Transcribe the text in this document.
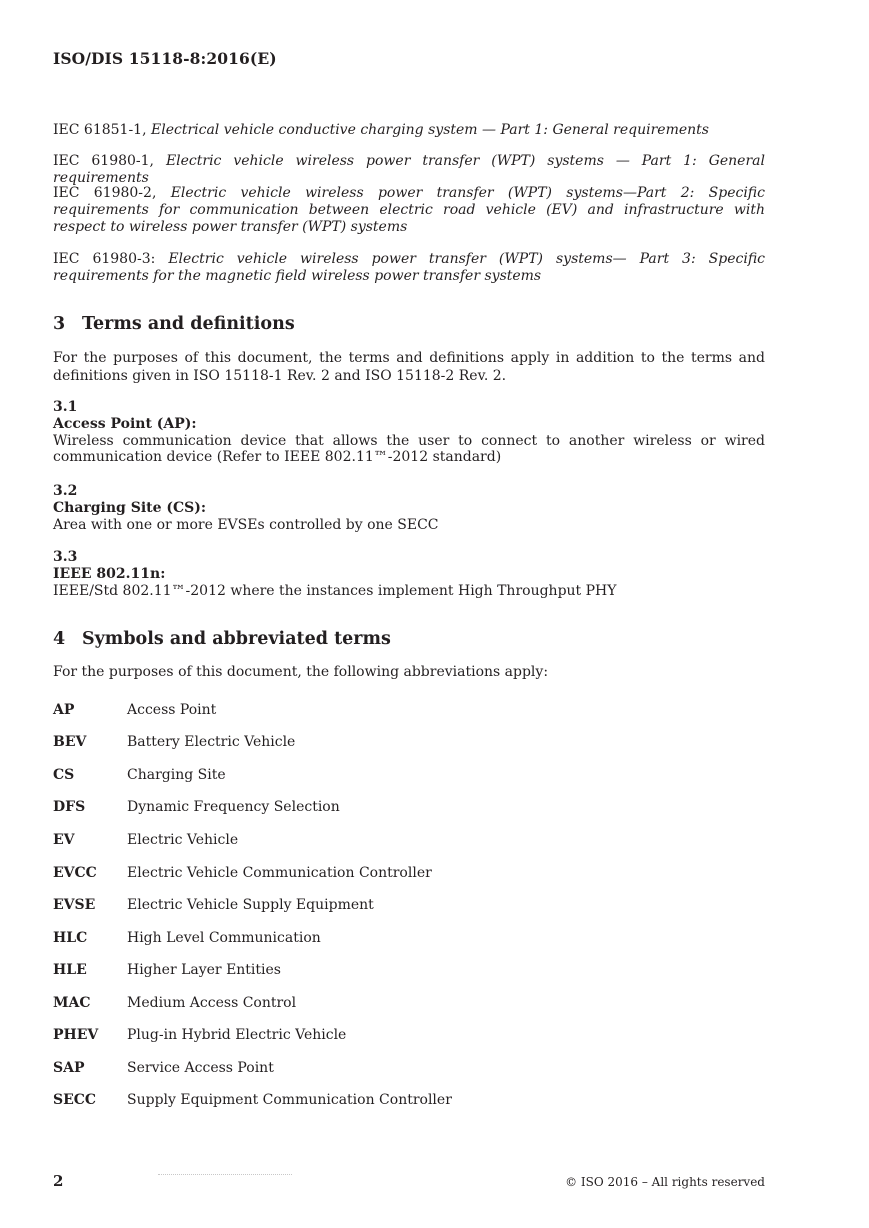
ISO/DIS 15118-8:2016(E)
IEC 61851-1, Electrical vehicle conductive charging system — Part 1: General requirements
IEC 61980-1, Electric vehicle wireless power transfer (WPT) systems — Part 1: General requirements
IEC 61980-2, Electric vehicle wireless power transfer (WPT) systems—Part 2: Specific requirements for communication between electric road vehicle (EV) and infrastructure with respect to wireless power transfer (WPT) systems
IEC 61980-3: Electric vehicle wireless power transfer (WPT) systems— Part 3: Specific requirements for the magnetic field wireless power transfer systems
3 Terms and definitions
For the purposes of this document, the terms and definitions apply in addition to the terms and definitions given in ISO 15118-1 Rev. 2 and ISO 15118-2 Rev. 2.
3.1
Access Point (AP):
Wireless communication device that allows the user to connect to another wireless or wired communication device (Refer to IEEE 802.11™-2012 standard)
3.2
Charging Site (CS):
Area with one or more EVSEs controlled by one SECC
3.3
IEEE 802.11n:
IEEE/Std 802.11™-2012 where the instances implement High Throughput PHY
4 Symbols and abbreviated terms
For the purposes of this document, the following abbreviations apply:
AP	Access Point
BEV	Battery Electric Vehicle
CS	Charging Site
DFS	Dynamic Frequency Selection
EV	Electric Vehicle
EVCC Electric Vehicle Communication Controller
EVSE Electric Vehicle Supply Equipment
HLC	High Level Communication
HLE	Higher Layer Entities
MAC	Medium Access Control
PHEV Plug-in Hybrid Electric Vehicle
SAP	Service Access Point
SECC Supply Equipment Communication Controller
2	© ISO 2016 – All rights reserved
